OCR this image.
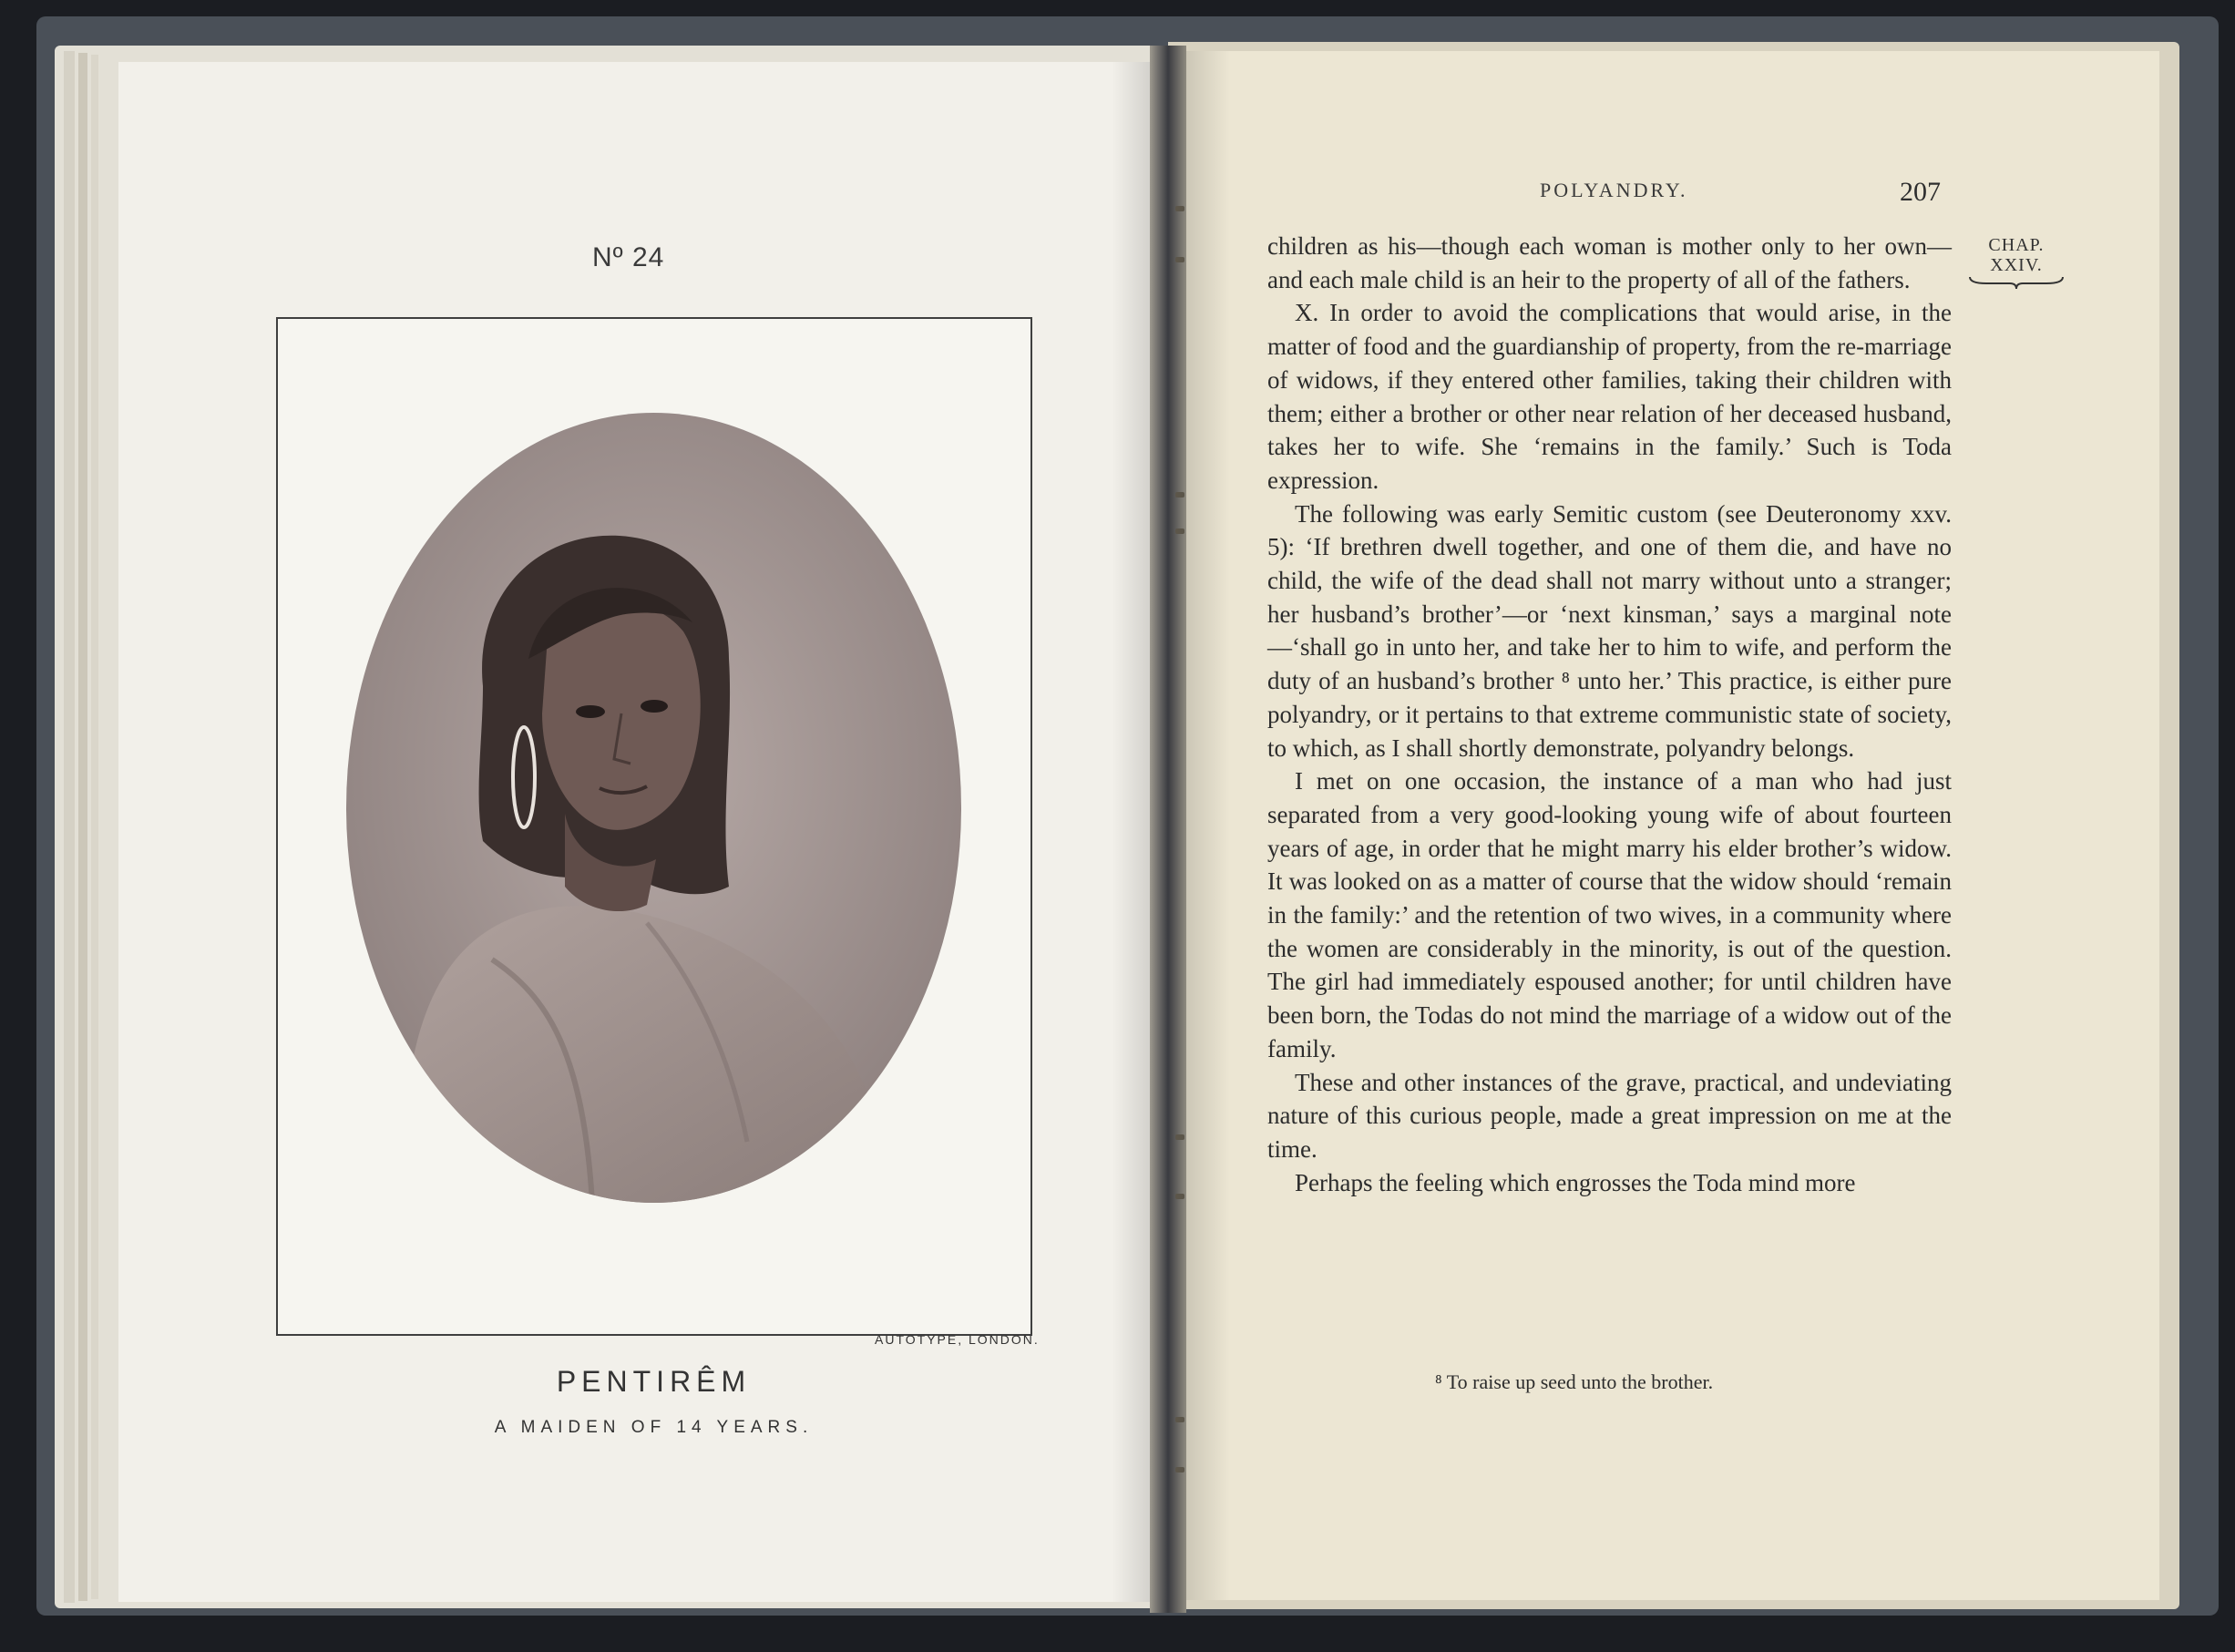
Nº 24
AUTOTYPE, LONDON.
PENTIRÊM
A MAIDEN OF 14 YEARS.
POLYANDRY.	207
CHAP.
XXIV.

children as his—though each woman is mother only to her own—and each male child is an heir to the property of all of the fathers.

X. In order to avoid the complications that would arise, in the matter of food and the guardianship of property, from the re-marriage of widows, if they entered other families, taking their children with them; either a brother or other near relation of her deceased husband, takes her to wife. She ‘remains in the family.’ Such is Toda expression.

The following was early Semitic custom (see Deuteronomy xxv. 5): ‘If brethren dwell together, and one of them die, and have no child, the wife of the dead shall not marry without unto a stranger; her husband’s brother’—or ‘next kinsman,’ says a marginal note—‘shall go in unto her, and take her to him to wife, and perform the duty of an husband’s brother ⁸ unto her.’ This practice, is either pure polyandry, or it pertains to that extreme communistic state of society, to which, as I shall shortly demonstrate, polyandry belongs.

I met on one occasion, the instance of a man who had just separated from a very good-looking young wife of about fourteen years of age, in order that he might marry his elder brother’s widow. It was looked on as a matter of course that the widow should ‘remain in the family:’ and the retention of two wives, in a community where the women are considerably in the minority, is out of the question. The girl had immediately espoused another; for until children have been born, the Todas do not mind the marriage of a widow out of the family.

These and other instances of the grave, practical, and undeviating nature of this curious people, made a great impression on me at the time.

Perhaps the feeling which engrosses the Toda mind more

⁸ To raise up seed unto the brother.
